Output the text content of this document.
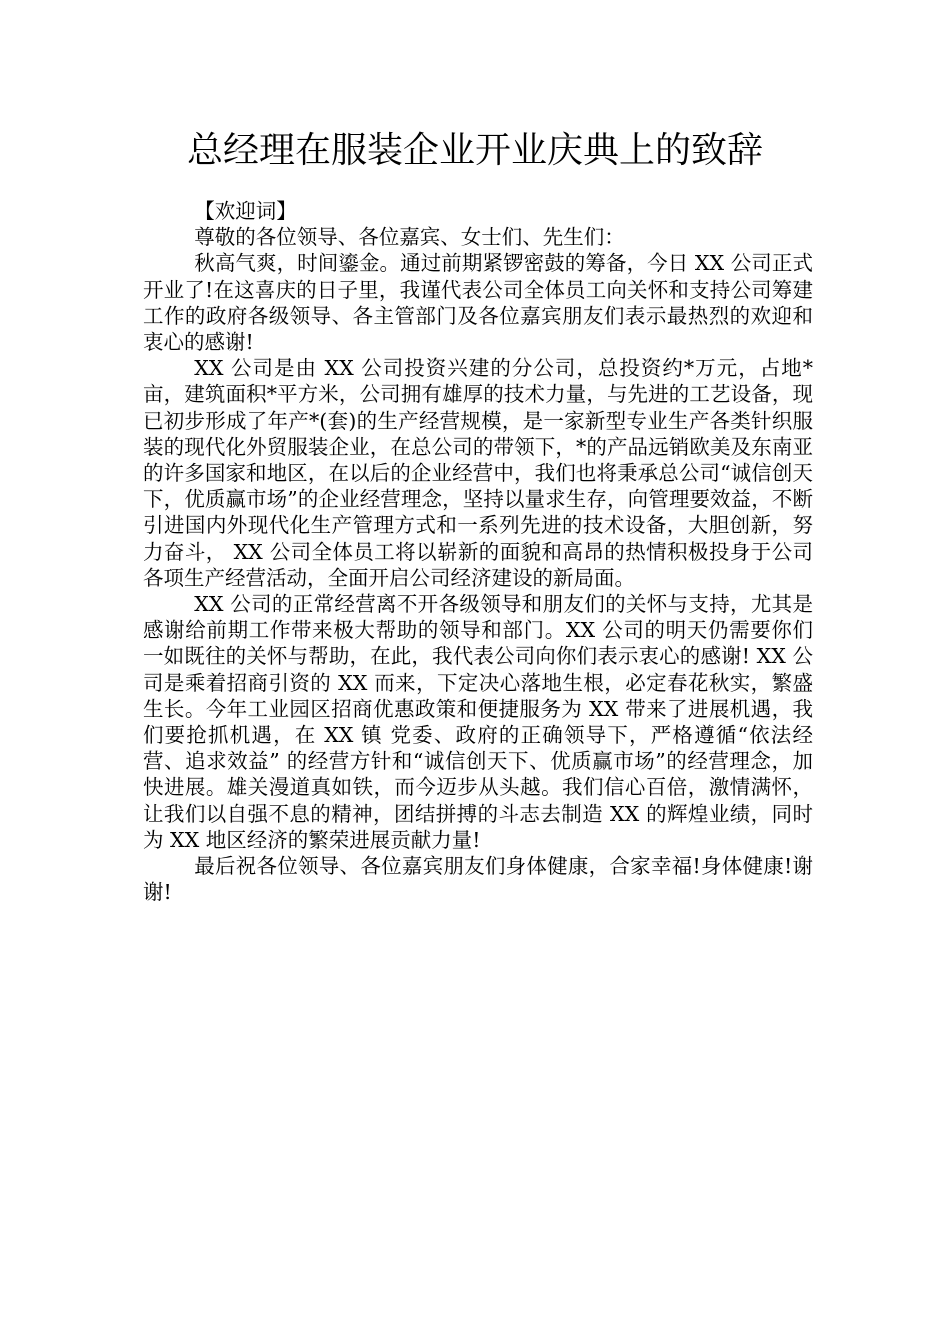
总经理在服装企业开业庆典上的致辞

【欢迎词】

尊敬的各位领导、各位嘉宾、女士们、先生们：

秋高气爽，时间鎏金。通过前期紧锣密鼓的筹备，今日 XX 公司正式开业了!在这喜庆的日子里，我谨代表公司全体员工向关怀和支持公司筹建工作的政府各级领导、各主管部门及各位嘉宾朋友们表示最热烈的欢迎和衷心的感谢!

XX 公司是由 XX 公司投资兴建的分公司，总投资约*万元，占地*亩，建筑面积*平方米，公司拥有雄厚的技术力量，与先进的工艺设备，现已初步形成了年产*(套)的生产经营规模，是一家新型专业生产各类针织服装的现代化外贸服装企业，在总公司的带领下，*的产品远销欧美及东南亚的许多国家和地区，在以后的企业经营中，我们也将秉承总公司“诚信创天下，优质赢市场”的企业经营理念，坚持以量求生存，向管理要效益，不断引进国内外现代化生产管理方式和一系列先进的技术设备，大胆创新，努力奋斗， XX 公司全体员工将以崭新的面貌和高昂的热情积极投身于公司各项生产经营活动，全面开启公司经济建设的新局面。

XX 公司的正常经营离不开各级领导和朋友们的关怀与支持，尤其是感谢给前期工作带来极大帮助的领导和部门。XX 公司的明天仍需要你们一如既往的关怀与帮助，在此，我代表公司向你们表示衷心的感谢! XX 公司是乘着招商引资的 XX 而来，下定决心落地生根，必定春花秋实，繁盛生长。今年工业园区招商优惠政策和便捷服务为 XX 带来了进展机遇，我们要抢抓机遇，在 XX 镇 党委、政府的正确领导下，严格遵循“依法经营、追求效益” 的经营方针和“诚信创天下、优质赢市场”的经营理念，加快进展。雄关漫道真如铁，而今迈步从头越。我们信心百倍，激情满怀，让我们以自强不息的精神，团结拼搏的斗志去制造 XX 的辉煌业绩，同时为 XX 地区经济的繁荣进展贡献力量!

最后祝各位领导、各位嘉宾朋友们身体健康，合家幸福!身体健康!谢谢!
